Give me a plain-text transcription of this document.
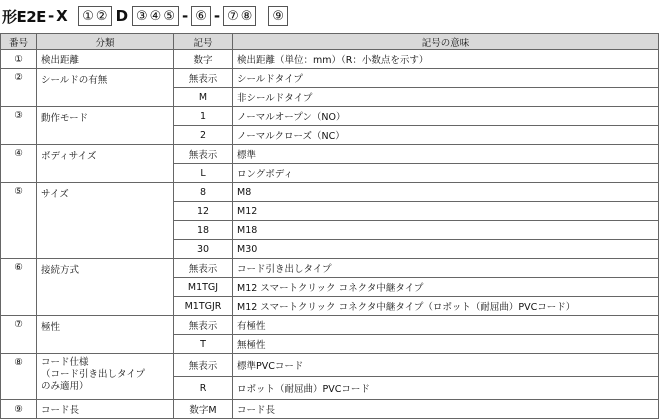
形E2E - X ① ② D ③ ④ ⑤ - ⑥ - ⑦ ⑧ ⑨
番号	分類	記号	記号の意味
①	検出距離	数字	検出距離（単位：mm）（R：小数点を示す）
②	シールドの有無	無表示	シールドタイプ
		M	非シールドタイプ
③	動作モード	1	ノーマルオープン（NO）
		2	ノーマルクローズ（NC）
④	ボディサイズ	無表示	標準
		L	ロングボディ
⑤	サイズ	8	M8
		12	M12
		18	M18
		30	M30
⑥	接続方式	無表示	コード引き出しタイプ
		M1TGJ	M12 スマートクリック コネクタ中継タイプ
		M1TGJR	M12 スマートクリック コネクタ中継タイプ（ロボット（耐屈曲）PVCコード）
⑦	極性	無表示	有極性
		T	無極性
⑧	コード仕様
（コード引き出しタイプ
のみ適用）	無表示	標準PVCコード
		R	ロボット（耐屈曲）PVCコード
⑨	コード長	数字M	コード長
